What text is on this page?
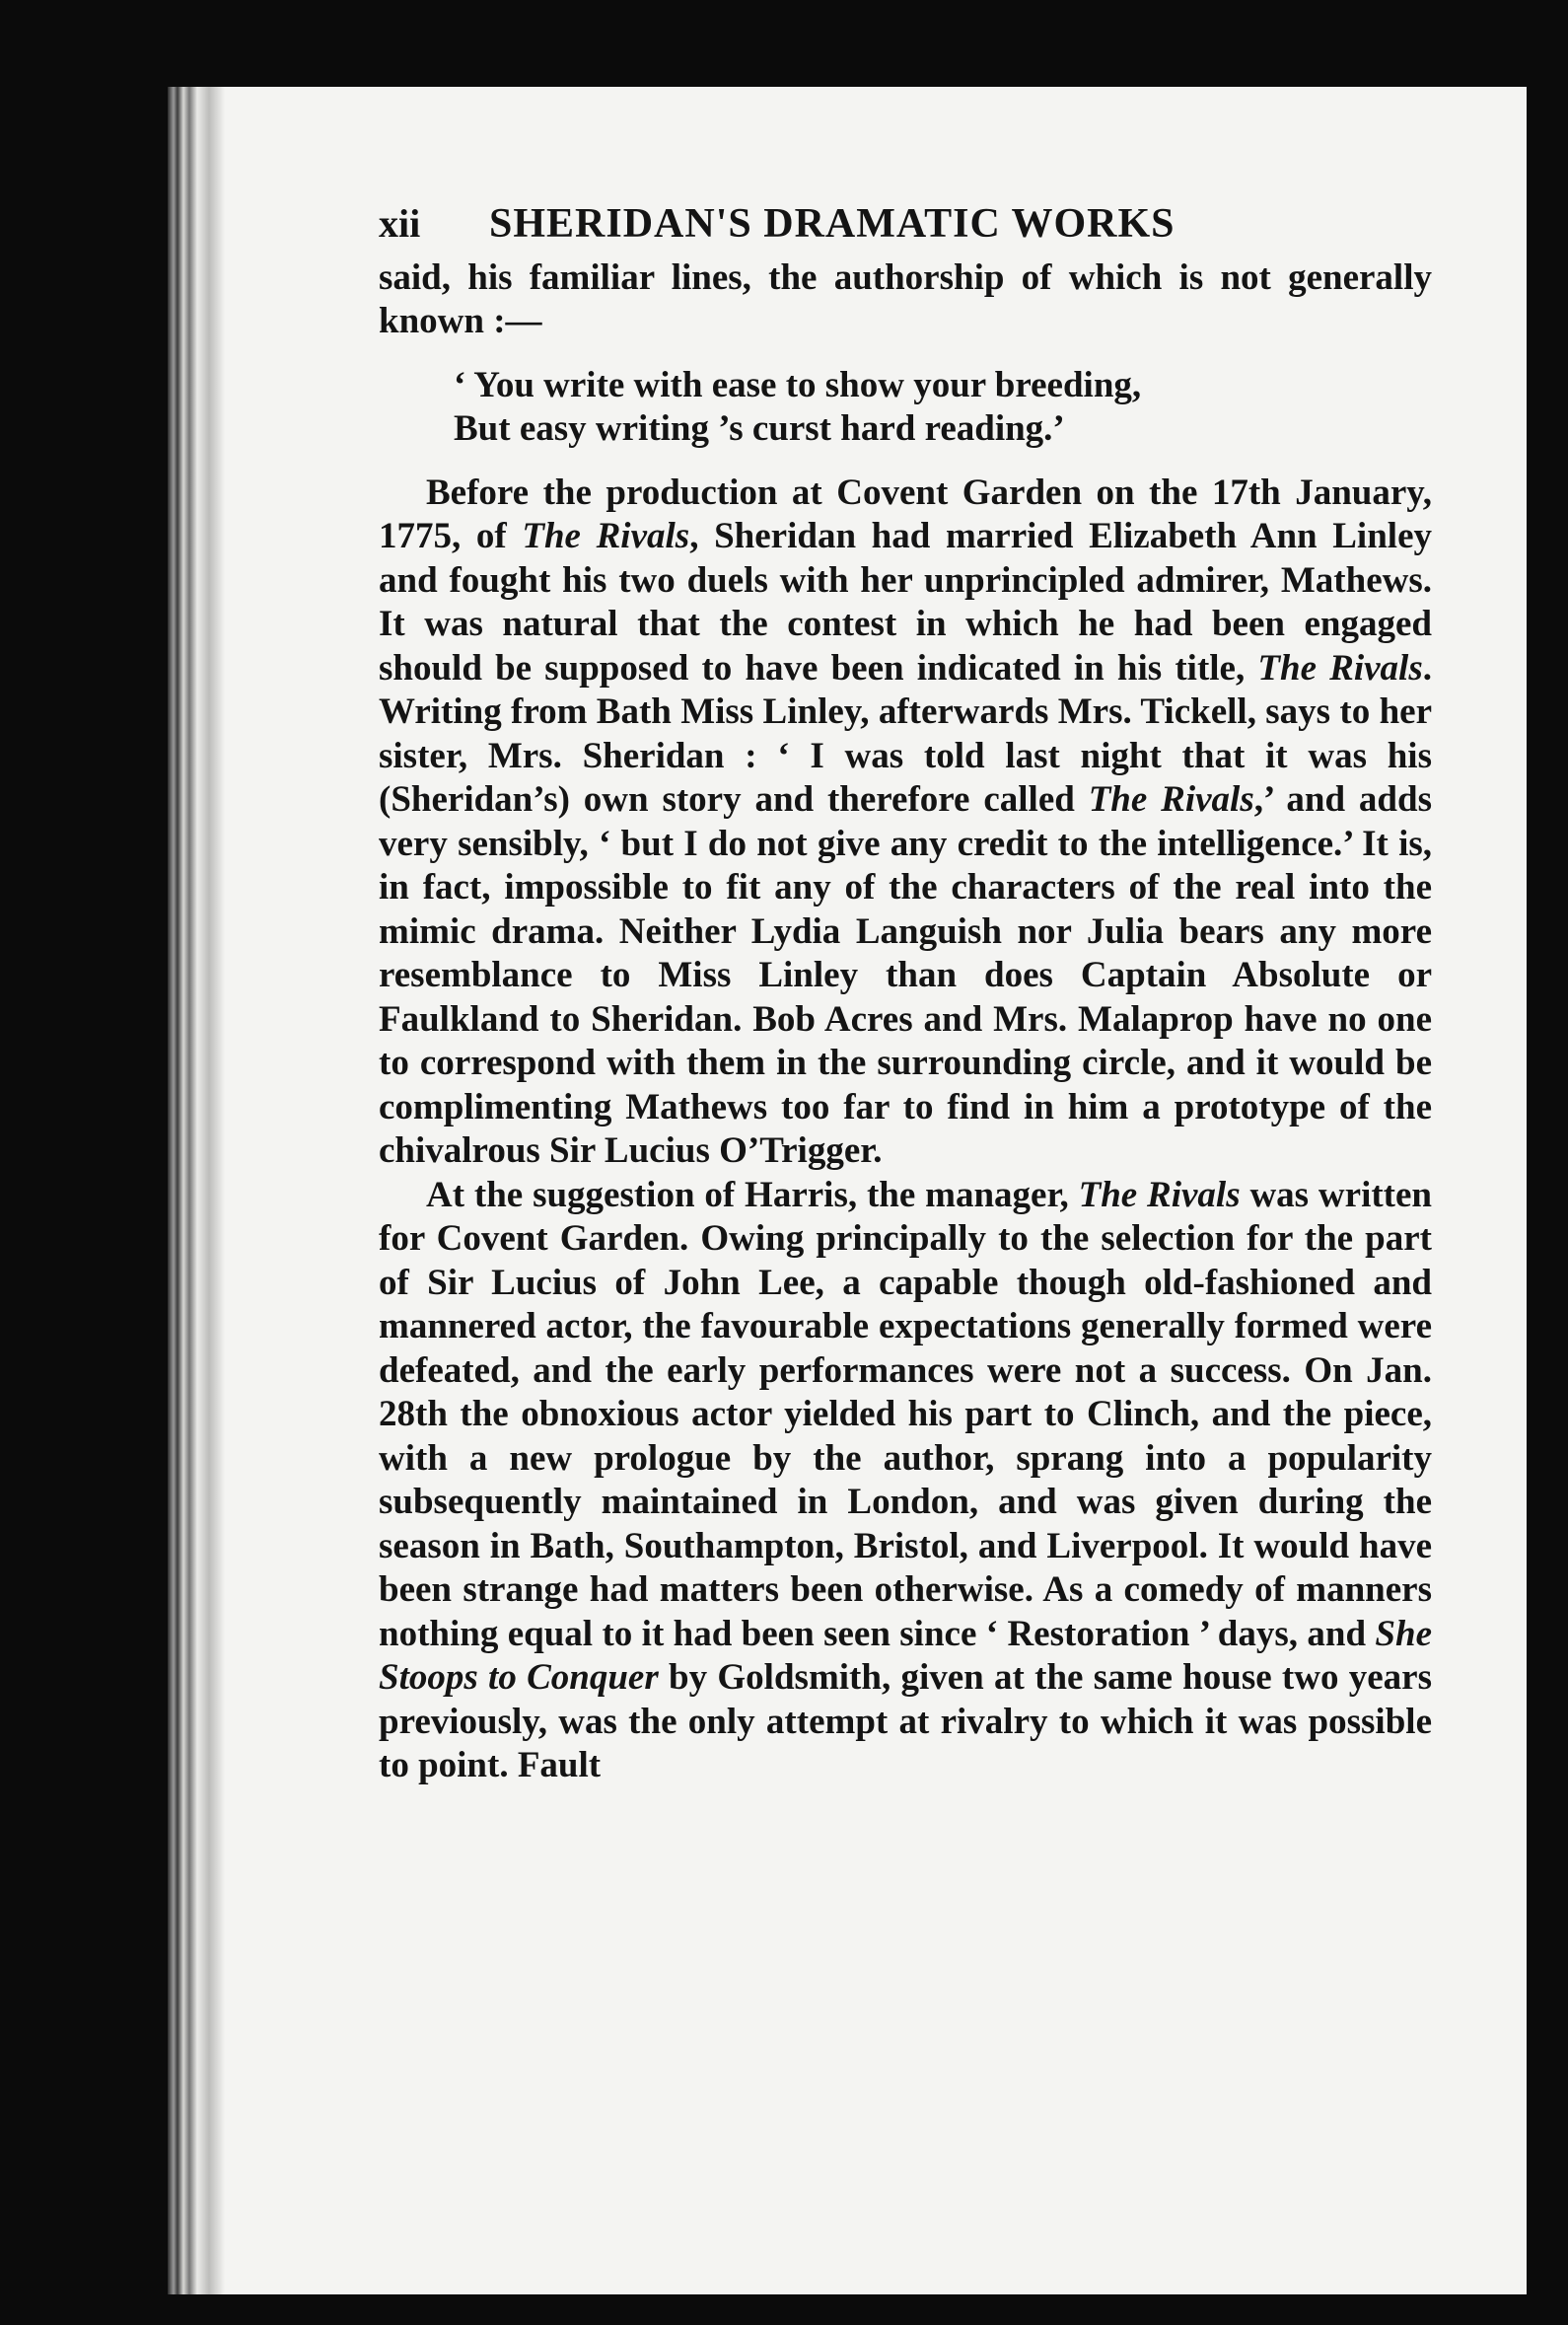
xii	SHERIDAN'S DRAMATIC WORKS

said, his familiar lines, the authorship of which is not generally known :—

‘ You write with ease to show your breeding,
But easy writing ’s curst hard reading.’

Before the production at Covent Garden on the 17th January, 1775, of The Rivals, Sheridan had married Elizabeth Ann Linley and fought his two duels with her unprincipled admirer, Mathews. It was natural that the contest in which he had been engaged should be supposed to have been indicated in his title, The Rivals. Writing from Bath Miss Linley, afterwards Mrs. Tickell, says to her sister, Mrs. Sheridan : ‘ I was told last night that it was his (Sheridan’s) own story and therefore called The Rivals,’ and adds very sensibly, ‘ but I do not give any credit to the intelligence.’ It is, in fact, impossible to fit any of the characters of the real into the mimic drama. Neither Lydia Languish nor Julia bears any more resemblance to Miss Linley than does Captain Absolute or Faulkland to Sheridan. Bob Acres and Mrs. Malaprop have no one to correspond with them in the surrounding circle, and it would be complimenting Mathews too far to find in him a prototype of the chivalrous Sir Lucius O’Trigger.

At the suggestion of Harris, the manager, The Rivals was written for Covent Garden. Owing principally to the selection for the part of Sir Lucius of John Lee, a capable though old-fashioned and mannered actor, the favourable expectations generally formed were defeated, and the early performances were not a success. On Jan. 28th the obnoxious actor yielded his part to Clinch, and the piece, with a new prologue by the author, sprang into a popularity subsequently maintained in London, and was given during the season in Bath, Southampton, Bristol, and Liverpool. It would have been strange had matters been otherwise. As a comedy of manners nothing equal to it had been seen since ‘ Restoration ’ days, and She Stoops to Conquer by Goldsmith, given at the same house two years previously, was the only attempt at rivalry to which it was possible to point. Fault
